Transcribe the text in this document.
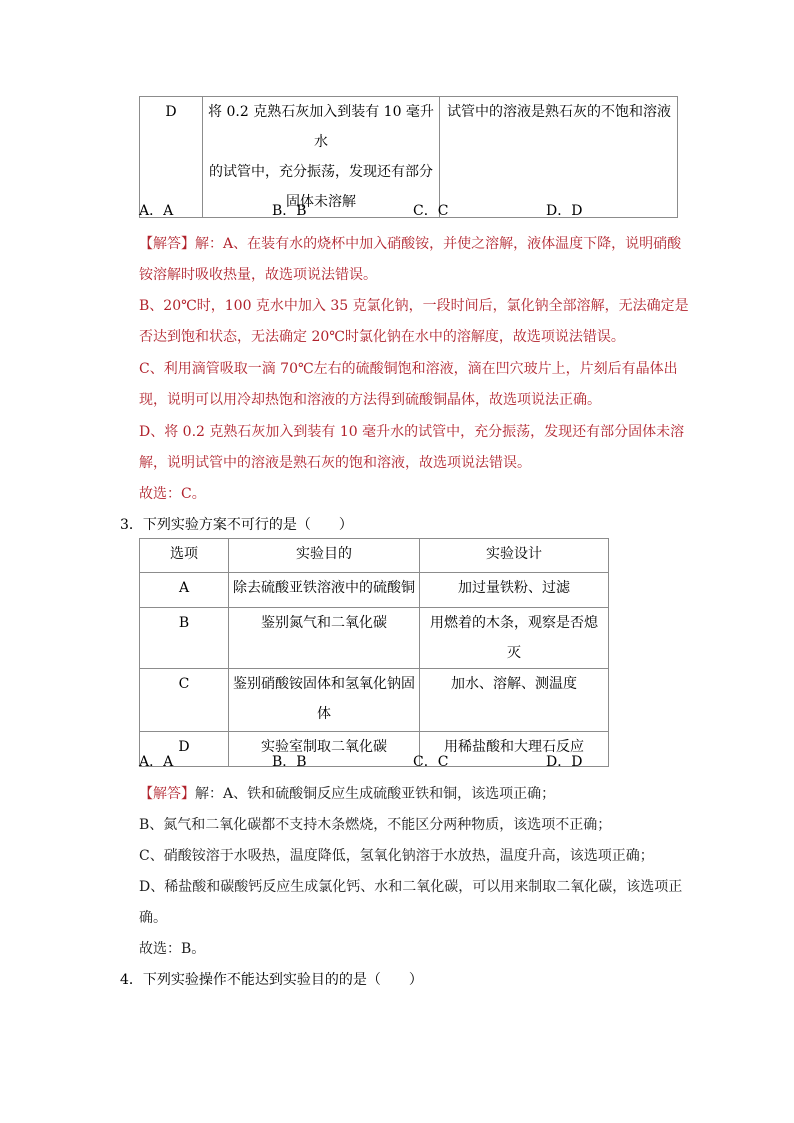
D	将 0.2 克熟石灰加入到装有 10 毫升水
的试管中，充分振荡，发现还有部分
固体未溶解
	试管中的溶液是熟石灰的不饱和溶液
A．A	B．B	C．C	D．D
【解答】解：A、在装有水的烧杯中加入硝酸铵，并使之溶解，液体温度下降，说明硝酸
铵溶解时吸收热量，故选项说法错误。
B、20℃时，100 克水中加入 35 克氯化钠，一段时间后，氯化钠全部溶解，无法确定是
否达到饱和状态，无法确定 20℃时氯化钠在水中的溶解度，故选项说法错误。
C、利用滴管吸取一滴 70℃左右的硫酸铜饱和溶液，滴在凹穴玻片上，片刻后有晶体出
现，说明可以用冷却热饱和溶液的方法得到硫酸铜晶体，故选项说法正确。
D、将 0.2 克熟石灰加入到装有 10 毫升水的试管中，充分振荡，发现还有部分固体未溶
解，说明试管中的溶液是熟石灰的饱和溶液，故选项说法错误。
故选：C。
3．下列实验方案不可行的是（　　）
选项	实验目的	实验设计
A	除去硫酸亚铁溶液中的硫酸铜	加过量铁粉、过滤
B	鉴别氮气和二氧化碳	用燃着的木条，观察是否熄灭
C	鉴别硝酸铵固体和氢氧化钠固
体	加水、溶解、测温度
D	实验室制取二氧化碳	用稀盐酸和大理石反应
A．A	B．B	C．C	D．D
【解答】解：A、铁和硫酸铜反应生成硫酸亚铁和铜，该选项正确；
B、氮气和二氧化碳都不支持木条燃烧，不能区分两种物质，该选项不正确；
C、硝酸铵溶于水吸热，温度降低，氢氧化钠溶于水放热，温度升高，该选项正确；
D、稀盐酸和碳酸钙反应生成氯化钙、水和二氧化碳，可以用来制取二氧化碳，该选项正
确。
故选：B。
4．下列实验操作不能达到实验目的的是（　　）
